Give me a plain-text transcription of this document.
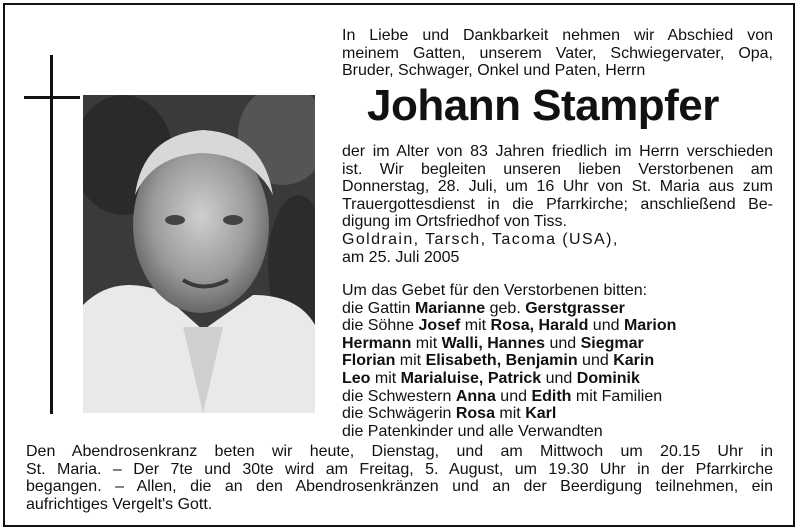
In Liebe und Dankbarkeit nehmen wir Abschied von
meinem Gatten, unserem Vater, Schwiegervater, Opa,
Bruder, Schwager, Onkel und Paten, Herrn
Johann Stampfer
der im Alter von 83 Jahren friedlich im Herrn verschieden
ist. Wir begleiten unseren lieben Verstorbenen am
Donnerstag, 28. Juli, um 16 Uhr von St. Maria aus zum
Trauergottesdienst in die Pfarrkirche; anschließend Be-
digung im Ortsfriedhof von Tiss.
Goldrain, Tarsch, Tacoma (USA),
am 25. Juli 2005
Um das Gebet für den Verstorbenen bitten:
die Gattin Marianne geb. Gerstgrasser
die Söhne Josef mit Rosa, Harald und Marion
Hermann mit Walli, Hannes und Siegmar
Florian mit Elisabeth, Benjamin und Karin
Leo mit Marialuise, Patrick und Dominik
die Schwestern Anna und Edith mit Familien
die Schwägerin Rosa mit Karl
die Patenkinder und alle Verwandten
Den Abendrosenkranz beten wir heute, Dienstag, und am Mittwoch um 20.15 Uhr in
St. Maria. – Der 7te und 30te wird am Freitag, 5. August, um 19.30 Uhr in der Pfarrkirche
begangen. – Allen, die an den Abendrosenkränzen und an der Beerdigung teilnehmen, ein
aufrichtiges Vergelt's Gott.
